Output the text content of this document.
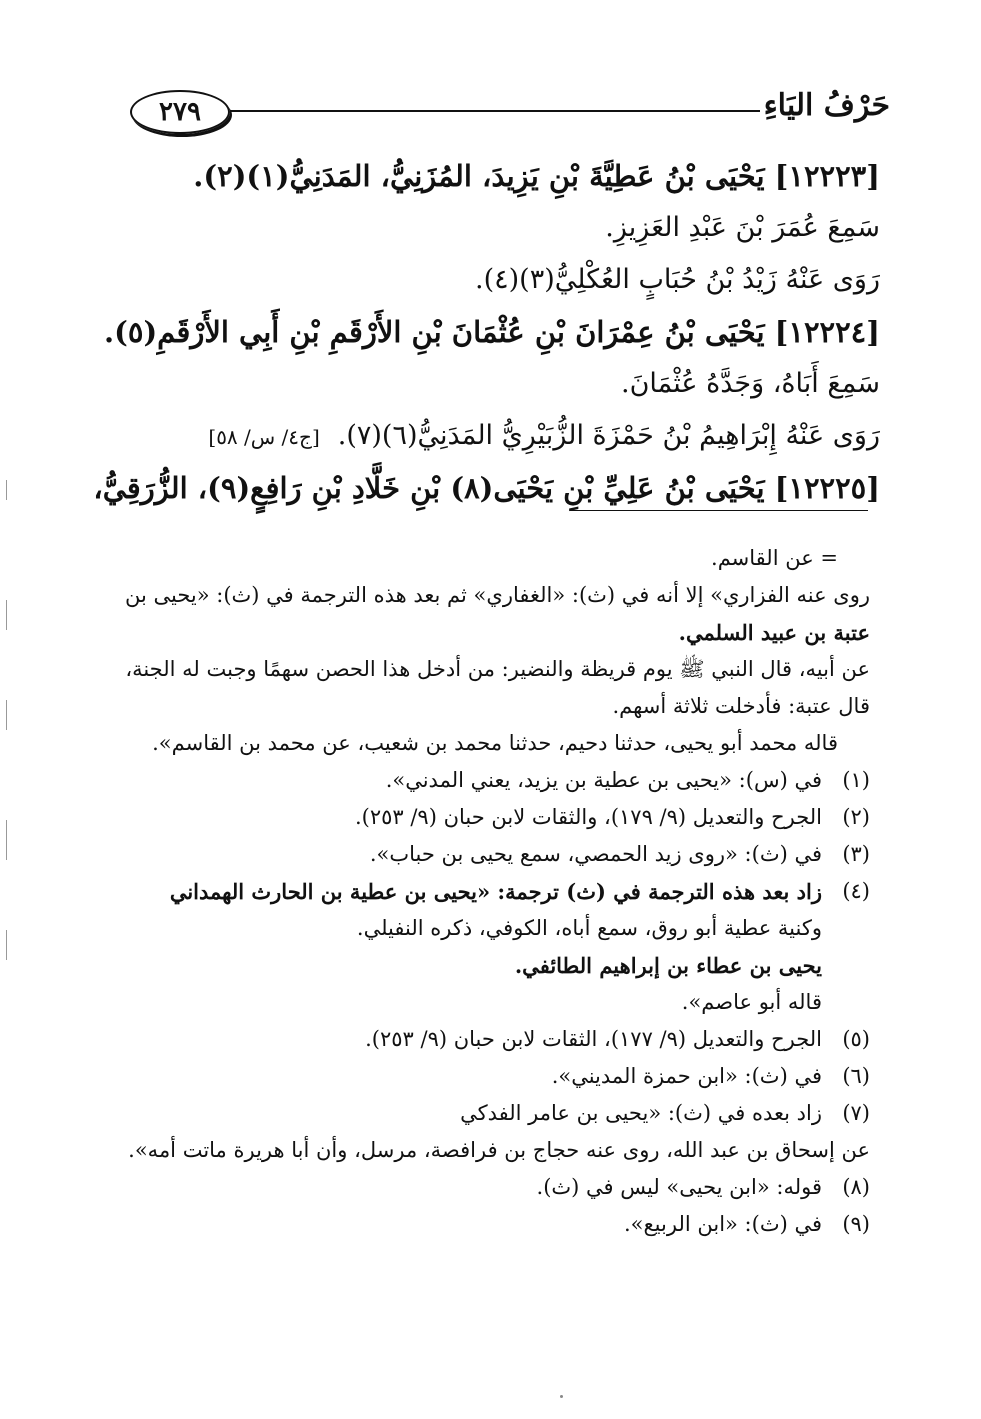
٢٧٩	حَرْفُ اليَاءِ
[١٢٢٢٣] يَحْيَى بْنُ عَطِيَّةَ بْنِ يَزِيدَ، المُزَنِيُّ، المَدَنِيُّ(١)(٢).
سَمِعَ عُمَرَ بْنَ عَبْدِ العَزِيزِ.
رَوَى عَنْهُ زَيْدُ بْنُ حُبَابٍ العُكْلِيُّ(٣)(٤).
[١٢٢٢٤] يَحْيَى بْنُ عِمْرَانَ بْنِ عُثْمَانَ بْنِ الأَرْقَمِ بْنِ أَبِي الأَرْقَمِ(٥).
سَمِعَ أَبَاهُ، وَجَدَّهُ عُثْمَانَ.
رَوَى عَنْهُ إِبْرَاهِيمُ بْنُ حَمْزَةَ الزُّبَيْرِيُّ المَدَنِيُّ(٦)(٧).[ج٤/ س/ ٥٨]
[١٢٢٢٥] يَحْيَى بْنُ عَلِيِّ بْنِ يَحْيَى(٨) بْنِ خَلَّادِ بْنِ رَافِعٍ(٩)، الزُّرَقِيُّ،
= عن القاسم.
روى عنه الفزاري» إلا أنه في (ث): «الغفاري» ثم بعد هذه الترجمة في (ث): «يحيى بن
عتبة بن عبيد السلمي.
عن أبيه، قال النبي ﷺ يوم قريظة والنضير: من أدخل هذا الحصن سهمًا وجبت له الجنة،
قال عتبة: فأدخلت ثلاثة أسهم.
قاله محمد أبو يحيى، حدثنا دحيم، حدثنا محمد بن شعيب، عن محمد بن القاسم».
(١)
في (س): «يحيى بن عطية بن يزيد، يعني المدني».
(٢)
الجرح والتعديل (٩/ ١٧٩)، والثقات لابن حبان (٩/ ٢٥٣).
(٣)
في (ث): «روى زيد الحمصي، سمع يحيى بن حباب».
(٤)
زاد بعد هذه الترجمة في (ث) ترجمة: «يحيى بن عطية بن الحارث الهمداني
وكنية عطية أبو روق، سمع أباه، الكوفي، ذكره النفيلي.
يحيى بن عطاء بن إبراهيم الطائفي.
قاله أبو عاصم».
(٥)
الجرح والتعديل (٩/ ١٧٧)، الثقات لابن حبان (٩/ ٢٥٣).
(٦)
في (ث): «ابن حمزة المديني».
(٧)
زاد بعده في (ث): «يحيى بن عامر الفدكي
عن إسحاق بن عبد الله، روى عنه حجاج بن فرافصة، مرسل، وأن أبا هريرة ماتت أمه».
(٨)
قوله: «ابن يحيى» ليس في (ث).
(٩)
في (ث): «ابن الربيع».
